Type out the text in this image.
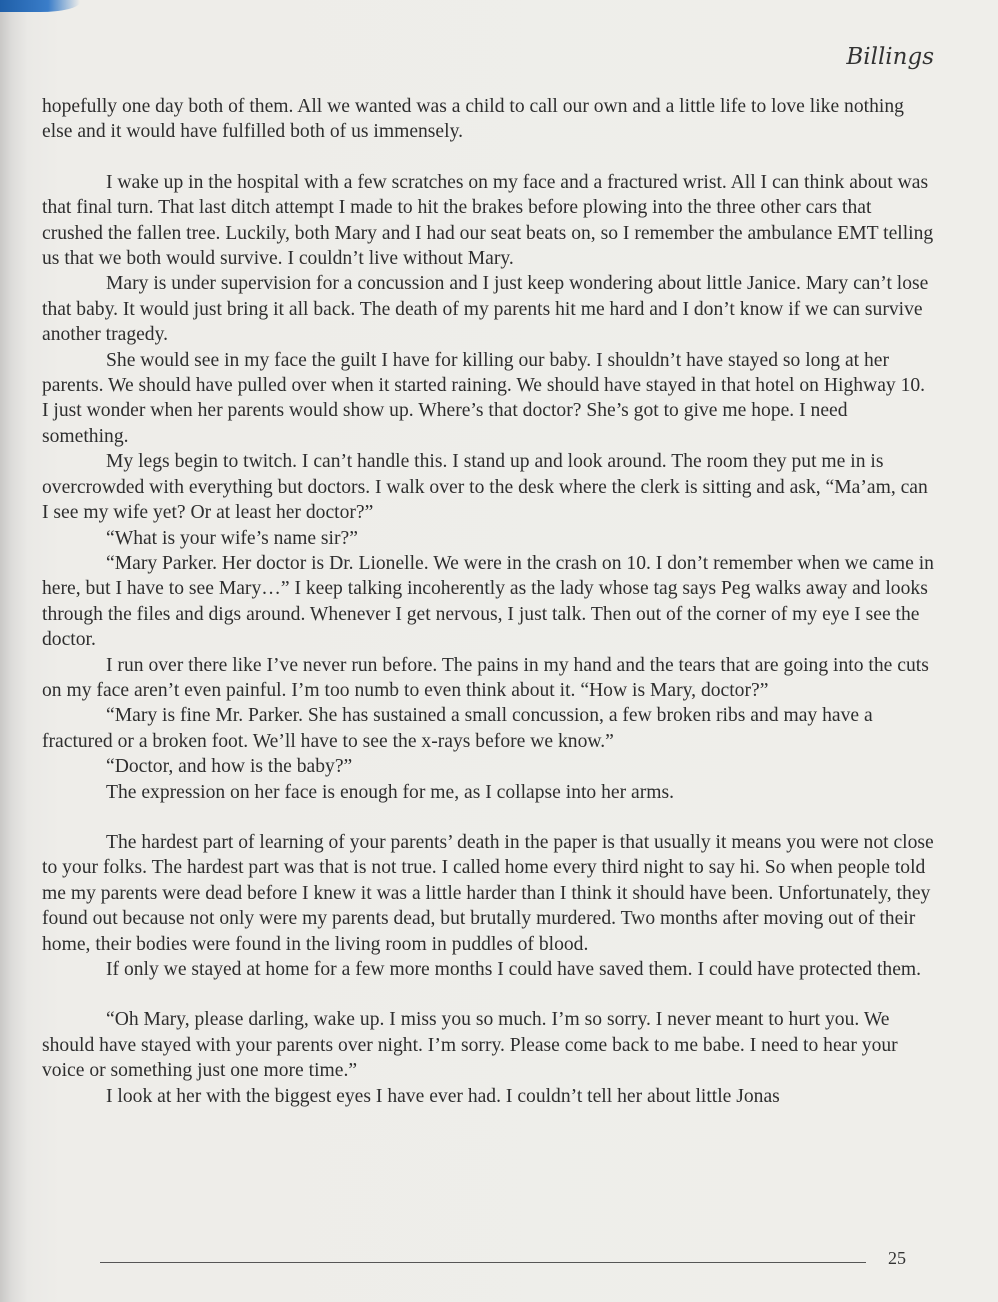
Billings

hopefully one day both of them. All we wanted was a child to call our own and a little life to love like nothing else and it would have fulfilled both of us immensely.

I wake up in the hospital with a few scratches on my face and a fractured wrist. All I can think about was that final turn. That last ditch attempt I made to hit the brakes before plowing into the three other cars that crushed the fallen tree. Luckily, both Mary and I had our seat beats on, so I remember the ambulance EMT telling us that we both would survive. I couldn’t live without Mary.

Mary is under supervision for a concussion and I just keep wondering about little Janice. Mary can’t lose that baby. It would just bring it all back. The death of my parents hit me hard and I don’t know if we can survive another tragedy.

She would see in my face the guilt I have for killing our baby. I shouldn’t have stayed so long at her parents. We should have pulled over when it started raining. We should have stayed in that hotel on Highway 10. I just wonder when her parents would show up. Where’s that doctor? She’s got to give me hope. I need something.

My legs begin to twitch. I can’t handle this. I stand up and look around. The room they put me in is overcrowded with everything but doctors. I walk over to the desk where the clerk is sitting and ask, “Ma’am, can I see my wife yet? Or at least her doctor?”

“What is your wife’s name sir?”

“Mary Parker. Her doctor is Dr. Lionelle. We were in the crash on 10. I don’t remember when we came in here, but I have to see Mary…” I keep talking incoherently as the lady whose tag says Peg walks away and looks through the files and digs around. Whenever I get nervous, I just talk. Then out of the corner of my eye I see the doctor.

I run over there like I’ve never run before. The pains in my hand and the tears that are going into the cuts on my face aren’t even painful. I’m too numb to even think about it. “How is Mary, doctor?”

“Mary is fine Mr. Parker. She has sustained a small concussion, a few broken ribs and may have a fractured or a broken foot. We’ll have to see the x-rays before we know.”

“Doctor, and how is the baby?”

The expression on her face is enough for me, as I collapse into her arms.

The hardest part of learning of your parents’ death in the paper is that usually it means you were not close to your folks. The hardest part was that is not true. I called home every third night to say hi. So when people told me my parents were dead before I knew it was a little harder than I think it should have been. Unfortunately, they found out because not only were my parents dead, but brutally murdered. Two months after moving out of their home, their bodies were found in the living room in puddles of blood.

If only we stayed at home for a few more months I could have saved them. I could have protected them.

“Oh Mary, please darling, wake up. I miss you so much. I’m so sorry. I never meant to hurt you. We should have stayed with your parents over night. I’m sorry. Please come back to me babe. I need to hear your voice or something just one more time.”

I look at her with the biggest eyes I have ever had. I couldn’t tell her about little Jonas

25
